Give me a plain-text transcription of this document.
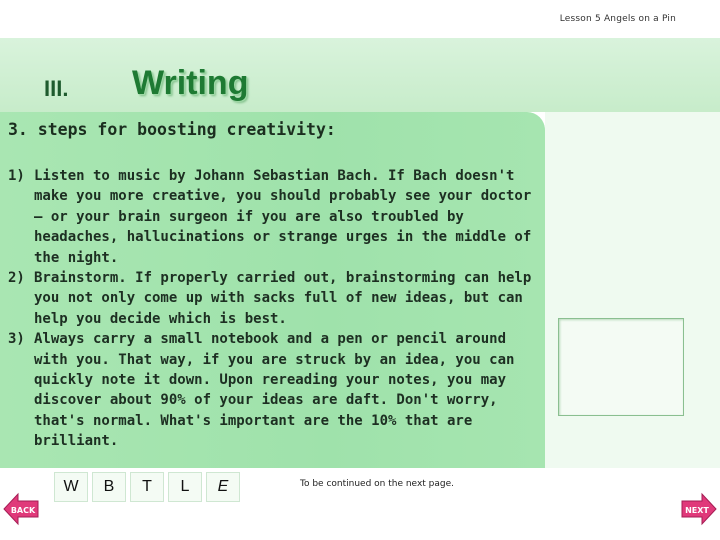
Lesson 5 Angels on a Pin
III. Writing
3. steps for boosting creativity:
1) Listen to music by Johann Sebastian Bach. If Bach doesn't make you more creative, you should probably see your doctor — or your brain surgeon if you are also troubled by headaches, hallucinations or strange urges in the middle of the night.
2) Brainstorm. If properly carried out, brainstorming can help you not only come up with sacks full of new ideas, but can help you decide which is best.
3) Always carry a small notebook and a pen or pencil around with you. That way, if you are struck by an idea, you can quickly note it down. Upon rereading your notes, you may discover about 90% of your ideas are daft. Don't worry, that's normal. What's important are the 10% that are brilliant.
W	B	T	L	E	To be continued on the next page.
BACK	NEXT
